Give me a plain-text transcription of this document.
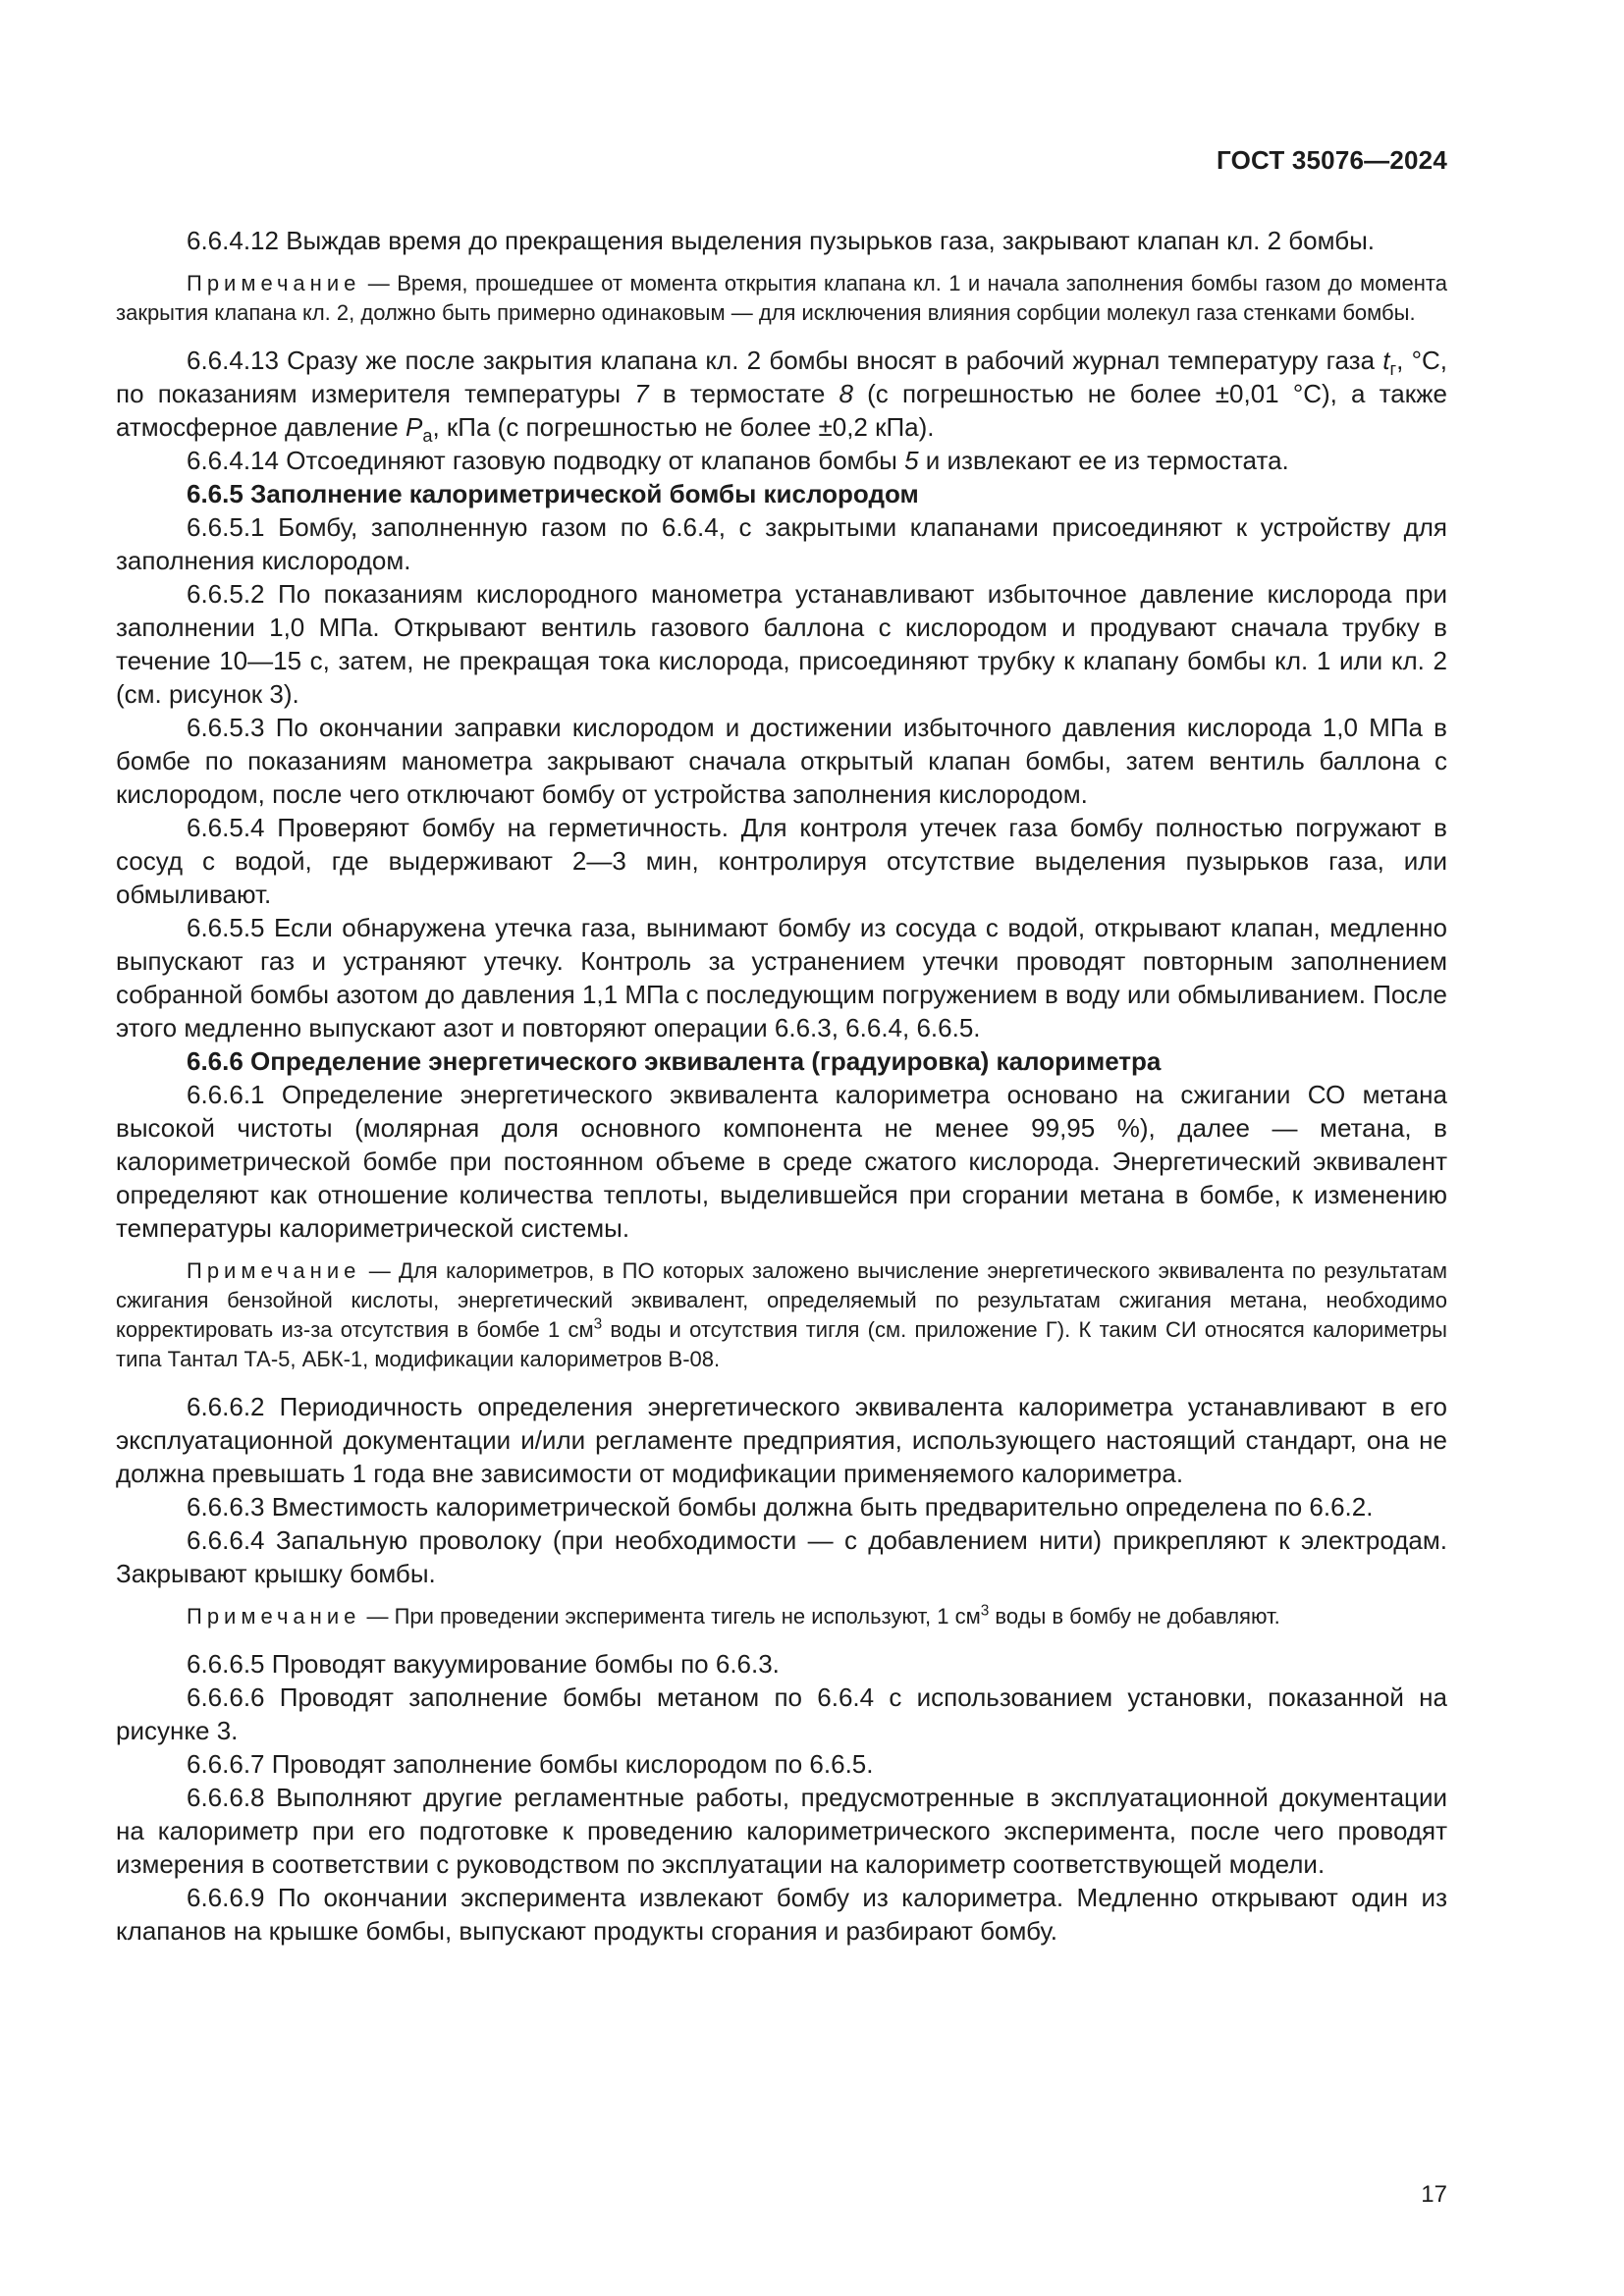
ГОСТ 35076—2024

6.6.4.12 Выждав время до прекращения выделения пузырьков газа, закрывают клапан кл. 2 бомбы.

Примечание — Время, прошедшее от момента открытия клапана кл. 1 и начала заполнения бомбы газом до момента закрытия клапана кл. 2, должно быть примерно одинаковым — для исключения влияния сорбции молекул газа стенками бомбы.

6.6.4.13 Сразу же после закрытия клапана кл. 2 бомбы вносят в рабочий журнал температуру газа $t_г$, °С, по показаниям измерителя температуры 7 в термостате 8 (с погрешностью не более ±0,01 °С), а также атмосферное давление $P_а$, кПа (с погрешностью не более ±0,2 кПа).

6.6.4.14 Отсоединяют газовую подводку от клапанов бомбы 5 и извлекают ее из термостата.

6.6.5 Заполнение калориметрической бомбы кислородом

6.6.5.1 Бомбу, заполненную газом по 6.6.4, с закрытыми клапанами присоединяют к устройству для заполнения кислородом.

6.6.5.2 По показаниям кислородного манометра устанавливают избыточное давление кислорода при заполнении 1,0 МПа. Открывают вентиль газового баллона с кислородом и продувают сначала трубку в течение 10—15 с, затем, не прекращая тока кислорода, присоединяют трубку к клапану бомбы кл. 1 или кл. 2 (см. рисунок 3).

6.6.5.3 По окончании заправки кислородом и достижении избыточного давления кислорода 1,0 МПа в бомбе по показаниям манометра закрывают сначала открытый клапан бомбы, затем вентиль баллона с кислородом, после чего отключают бомбу от устройства заполнения кислородом.

6.6.5.4 Проверяют бомбу на герметичность. Для контроля утечек газа бомбу полностью погружают в сосуд с водой, где выдерживают 2—3 мин, контролируя отсутствие выделения пузырьков газа, или обмыливают.

6.6.5.5 Если обнаружена утечка газа, вынимают бомбу из сосуда с водой, открывают клапан, медленно выпускают газ и устраняют утечку. Контроль за устранением утечки проводят повторным заполнением собранной бомбы азотом до давления 1,1 МПа с последующим погружением в воду или обмыливанием. После этого медленно выпускают азот и повторяют операции 6.6.3, 6.6.4, 6.6.5.

6.6.6 Определение энергетического эквивалента (градуировка) калориметра

6.6.6.1 Определение энергетического эквивалента калориметра основано на сжигании СО метана высокой чистоты (молярная доля основного компонента не менее 99,95 %), далее — метана, в калориметрической бомбе при постоянном объеме в среде сжатого кислорода. Энергетический эквивалент определяют как отношение количества теплоты, выделившейся при сгорании метана в бомбе, к изменению температуры калориметрической системы.

Примечание — Для калориметров, в ПО которых заложено вычисление энергетического эквивалента по результатам сжигания бензойной кислоты, энергетический эквивалент, определяемый по результатам сжигания метана, необходимо корректировать из-за отсутствия в бомбе 1 $см^3$ воды и отсутствия тигля (см. приложение Г). К таким СИ относятся калориметры типа Тантал ТА-5, АБК-1, модификации калориметров В-08.

6.6.6.2 Периодичность определения энергетического эквивалента калориметра устанавливают в его эксплуатационной документации и/или регламенте предприятия, использующего настоящий стандарт, она не должна превышать 1 года вне зависимости от модификации применяемого калориметра.

6.6.6.3 Вместимость калориметрической бомбы должна быть предварительно определена по 6.6.2.

6.6.6.4 Запальную проволоку (при необходимости — с добавлением нити) прикрепляют к электродам. Закрывают крышку бомбы.

Примечание — При проведении эксперимента тигель не используют, 1 $см^3$ воды в бомбу не добавляют.

6.6.6.5 Проводят вакуумирование бомбы по 6.6.3.

6.6.6.6 Проводят заполнение бомбы метаном по 6.6.4 с использованием установки, показанной на рисунке 3.

6.6.6.7 Проводят заполнение бомбы кислородом по 6.6.5.

6.6.6.8 Выполняют другие регламентные работы, предусмотренные в эксплуатационной документации на калориметр при его подготовке к проведению калориметрического эксперимента, после чего проводят измерения в соответствии с руководством по эксплуатации на калориметр соответствующей модели.

6.6.6.9 По окончании эксперимента извлекают бомбу из калориметра. Медленно открывают один из клапанов на крышке бомбы, выпускают продукты сгорания и разбирают бомбу.

17
